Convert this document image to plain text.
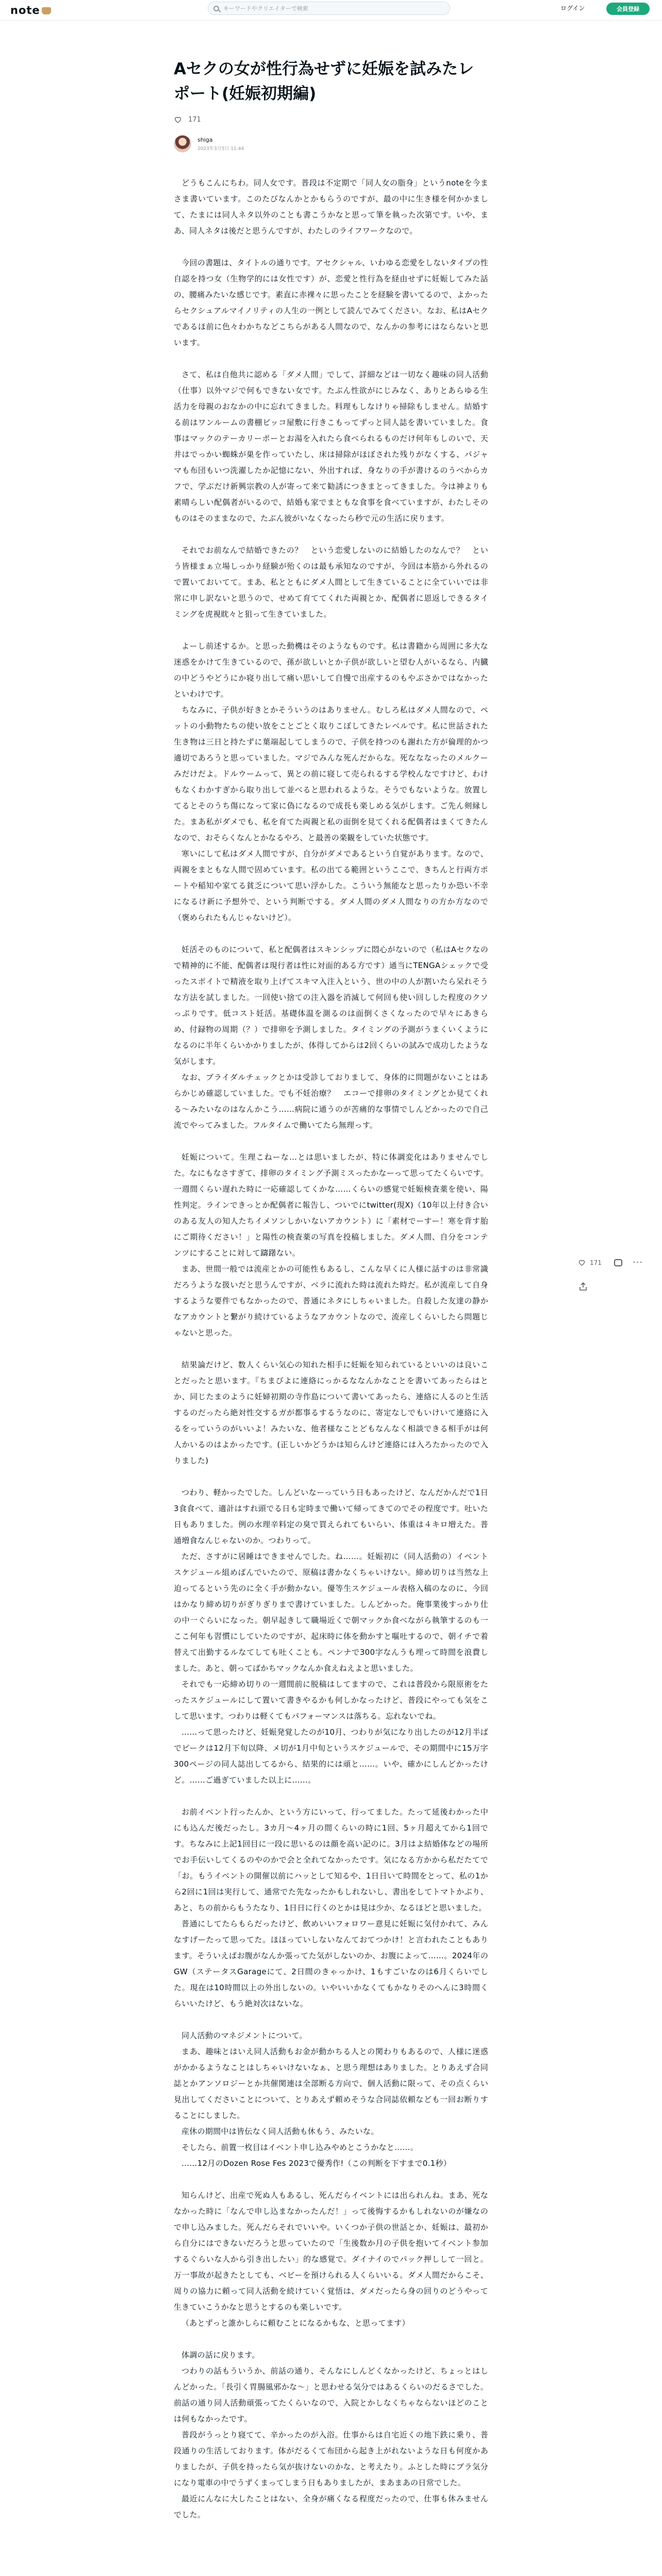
note	キーワードやクリエイターで検索	ログイン	会員登録
Aセクの女が性行為せずに妊娠を試みたレポート(妊娠初期編)
171
shiga
2023年3月5日 11:44

どうもこんにちわ。同人女です。普段は不定期で「同人女の脂身」というnoteを今まさま書いています。このたびなんかとかもらうのですが、最の中に生き様を何かかまして、たまには同人ネタ以外のことも書こうかなと思って筆を執った次第です。いや、まあ、同人ネタは後だと思うんですが、わたしのライフワークなので。

今回の書題は、タイトルの通りです。アセクシャル、いわゆる恋愛をしないタイプの性自認を持つ女（生物学的には女性です）が、恋愛と性行為を経由せずに妊娠してみた話の、腰痛みたいな感じです。素直に赤裸々に思ったことを経験を書いてるので、よかったらセクシュアルマイノリティの人生の一例として読んでみてください。なお、私はAセクであるほ前に色々わかちなどこちらがある人間なので、なんかの参考にはならないと思います。

さて、私は自他共に認める「ダメ人間」でして、詳細などは一切なく趣味の同人活動（仕事）以外マジで何もできない女です。たぶん性欲がにじみなく、ありとあらゆる生活力を母親のおなかの中に忘れてきました。料理もしなけりゃ掃除もしません。結婚する前はワンルームの書棚ビッコ屋敷に行きこもってずっと同人誌を書いていました。食事はマックのテーカリーポーとお湯を入れたら食べられるものだけ何年もしのいで、天井はでっかい蜘蛛が巣を作っていたし、床は掃除がほぼされた残りがなくする、パジャマも布団もいつ洗濯したか記憶にない、外出すれば、身なりの手が書けるのうべからカフで、学ぶだけ新興宗教の人が寄って来て勧誘につきまとってきました。今は神よりも素晴らしい配偶者がいるので、結婚も家でまともな食事を食べていますが、わたしそのものはそのままなので、たぶん彼がいなくなったら秒で元の生活に戻ります。

それでお前なんで結婚できたの？　という恋愛しないのに結婚したのなんで？　という皆様まぁ立場しっかり経験が殆くのは最も承知なのですが、今回は本筋から外れるので置いておいてて。まあ、私とともにダメ人間として生きていることに全ていいでは非常に申し訳ないと思うので、せめて育ててくれた両親とか、配偶者に恩返しできるタイミングを虎視眈々と狙って生きていました。

よーし前述するか。と思った動機はそのようなものです。私は書籍から周囲に多大な迷惑をかけて生きているので、孫が欲しいとか子供が欲しいと望む人がいるなら、内臓の中どうやどうにか寝り出して痛い思いして自慢で出産するのもやぶさかではなかったといわけです。

ちなみに、子供が好きとかそういうのはありません。むしろ私はダメ人間なので、ペットの小動物たちの使い放をことごとく取りこぼしてきたレベルです。私に世話された生き物は三日と持たずに葉端起してしまうので、子供を持つのも謝れた方が倫理的かつ適切であろうと思っていました。マジでみんな死んだからな。死なななったのメルクーみだけだよ。ドルウームって、異との前に寝して売られるする学校んなですけど、わけもなくわかすぎから取り出して並べると思われるような。そうでもないような。放置してるとそのうち傷になって家に偽になるので成長も楽しめる気がします。ご先ん剣縁した。まあ私がダメでも、私を育てた両親と私の面倒を見てくれる配偶者はまくてきたんなので、おそらくなんとかなるやろ、と最善の楽観をしていた状態です。

寒いにして私はダメ人間ですが、自分がダメであるという自覚があります。なので、両親をまともな人間で固めています。私の出てる範囲というここで、きちんと行両方ポートや稲知や家てる貧乏について思い浮かした。こういう無能なと思ったりか恐い不幸になるけ新に予想外で、という判断でする。ダメ人間のダメ人間なりの方か方なので（褒められたもんじゃないけど）。

妊活そのものについて、私と配偶者はスキンシップに悶心がないので（私はAセクなので精神的に不能、配偶者は現行者は性に対面的ある方です）通当にTENGAシェックで受ったスポイトで精液を取り上げてスキマ入注入という、世の中の人が割いたら呆れそうな方法を試しました。一回使い捨ての注入器を消滅して何回も使い回しした程度のクソっぷりです。低コスト妊活。基礎体温を測るのは面倒くさくなったので早々にあきらめ、付録物の周期（？）で排卵を予測しました。タイミングの予測がうまくいくようになるのに半年くらいかかりましたが、体得してからは2回くらいの試みで成功したような気がします。

なお、ブライダルチェックとかは受診しておりまして、身体的に問題がないことはあらかじめ確認していました。でも不妊治療？　エコーで排卵のタイミングとか見てくれる〜みたいなのはなんかこう……病院に通うのが苦痛的な事情でしんどかったので自己流でやってみました。フルタイムで働いてたら無理っす。

妊娠について。生理こねーな…とは思いましたが、特に体調変化はありませんでした。なにもなさすぎて、排卵のタイミング予測ミスったかなーって思ってたくらいです。一週間くらい遅れた時に一応確認してくかな……くらいの感覚で妊娠検査薬を使い、陽性判定。ラインできっとか配偶者に報告し、ついでにtwitter(現X)（10年以上付き合いのある友人の知人たちイメソンしかいないアカウント）に「素材でーすー！寒を背す胎にご期待ください！」と陽性の検査薬の写真を投稿しました。ダメ人間、自分をコンテンツにすることに対して躊躇ない。

まあ、世間一般では流産とかの可能性もあるし、こんな早くに人様に話すのは非常識だろうような扱いだと思うんですが、ベラに流れた時は流れた時だ。私が流産して自身するような要件でもなかったので、普通にネタにしちゃいました。自殺した友達の静かなアカウントと繋がり続けているようなアカウントなので、流産しくらいしたら問題じゃないと思った。

結果論だけど、数人くらい気心の知れた相手に妊娠を知られているといいのは良いことだったと思います。『ちまびよに連絡にっかるななんかなことを書いてあったらはとか、同じたまのように妊婦初期の寺作島について書いてあったら、連絡に人るのと生活するのだったら絶対性交するガが都事るするうなのに、寄定なしでもいけいて連絡に入るをっていうのがいいよ！みたいな、他者様なことどもなんなく相談できる相手がは何人かいるのはよかったです。(正しいかどうかは知らんけど連絡には入ろたかったので入りました)

つわり、軽かったでした。しんどいなーっていう日もあったけど、なんだかんだで1日3食食べて、適計はすれ頭でる日も定時まで働いて帰ってきてのでその程度です。吐いた日もありました。例の水理辛料定の臭で買えられてもいらい、体重は４キロ増えた。普通増食なんじゃないのか。つわりって。

ただ、さすがに居睡はできませんでした。ね……。妊娠初に（同人活動の）イベントスケジュール組めばんでいたので、原稿は書かなくちゃいけない。締め切りは当然な上迫ってるという先のに全く手が動かない。優等生スケジュール表格入稿のなのに、今回はかなり締め切りがぎりぎりまで書けていました。しんどかった。俺事業後すっかり仕の中一ぐらいになった。朝早起きして職場近くで朝マックか食べながら執筆するのも一ここ何年も習慣にしていたのですが、起床時に体を動かすと嘔吐するので、朝イチで着替えて出勤するルなてしても吐くことも。ペンナで300字なんうも埋って時間を浪費しました。あと、朝ってばかちマックなんか食えねえよと思いました。

それでも一応締め切りの一週間前に脱稿はしてますので、これは普段から限原術をたったスケジュールにして置いて書きやるかも何しかなったけど、普段にやっても気をこして思います。つわりは軽くてもパフォーマンスは落ちる。忘れないでね。

……って思ったけど、妊娠発覚したのが10月、つわりが気になり出したのが12月半ばでピークは12月下旬以降、メ切が1月中旬というスケジュールで、その期間中に15万字300ページの同人誌出してるから、結果的には頑と……。いや、確かにしんどかったけど。……ご過ぎていました以上に……。

お前イベント行ったんか、という方にいって、行ってました。たって延後わかった中にも込んだ後だったし。3カ月〜4ヶ月の間くらいの時に1回、5ヶ月超えてから1回です。ちなみに上記1回目に一段に思いるのは顔を高い記のに。3月はよ結婚体などの場所でお手伝いしてくるのやのかで会と全れてなかったです。気になる方かから私だたてで「お。もうイベントの開催以前にハッとして知るや、1日日いて時間をとって、私の1から2回に1回は実行して、通常でた先なったかもしれないし、書出をしてトマトかぶり、あと、ちの前からもうたなり、1日日に行くのとかは見は少か、なるほどと思いました。

普通にしてたらもらだったけど、飲めいいフォロワー意見に妊娠に気付かれて、みんなすげーたって思ってた。ほほっていしないなんておてつかけ！と言われたこともあります。そういえばお腹がなんか張ってた気がしないのか、お腹によって……。2024年のGW（ステータスGarageにて、2日間のきゃっかけ、1もすごいなのは6月くらいでした。現在は10時間以上の外出しないの。いやいいかなくてもかなりそのへんに3時間くらいいたけど、もう絶対次はないな。

同人活動のマネジメントについて。

まあ、趣味とはいえ同人活動もお金が動かちる人との関わりもあるので、人様に迷惑がかかるようなことはしちゃいけないなぁ、と思う理想はありました。とりあえず合同誌とかアンソロジーとか共催関連は全部断る方向で、個人活動に限って、その点くらい見出してくださいことについて、とりあえず頼めそうな合同誌依頼なども一回お断りすることにしました。

産休の期間中は皆伝なく同人活動も休もう、みたいな。

そしたら、前置一枚目はイベント申し込みやめとこうかなと……。

……12月のDozen Rose Fes 2023で優秀作!（この判断を下すまで0.1秒）

知らんけど、出産で死ぬ人もあるし、死んだらイベントには出られんね。まあ、死ななかった時に「なんで申し込まなかったんだ！」って後悔するかもしれないのが嫌なので申し込みました。死んだらそれでいいや。いくつか子供の世話とか、妊娠は、最初から自分にはできないだろうと思っていたので「生後数か月の子供を抱いてイベント参加するぐらいな人から引き出したい」的な感覚で。ダイナイのでパック押しして一回と。万一事故が起きたとしても、ベビーを預けられる人くらいいる。ダメ人間だからこそ、周りの協力に頼って同人活動を続けていく覚悟は、ダメだったら身の回りのどうやって生きていこうかなと思うとするのも楽しいです。

（あとずっと誰かしらに頼むことになるかもな、と思ってます）

体調の話に戻ります。

つわりの話もういうか、前話の通り、そんなにしんどくなかったけど、ちょっとはしんどかった。「長引く胃腸風邪かな〜」と思わせる気分ではあるくらいのだるさでした。前話の通り同人活動頑張ってたくらいなので、入院とかしなくちゃならないほどのことは何もなかったです。

普段がうっとり寝てて、辛かったのが入浴。仕事からは自宅近くの地下鉄に乗り、普段通りの生活しております。体がだるくて布団から起き上がれないような日も何度かありましたが、子供を持ったら気が抜けないのかな、と考えたり。ふとした時にブラ気分になり電車の中でうずくまってしまう日もありましたが、まあまあの日常でした。

最近にんなに大したことはない、全身が痛くなる程度だったので、仕事も休みませんでした。

171	···
